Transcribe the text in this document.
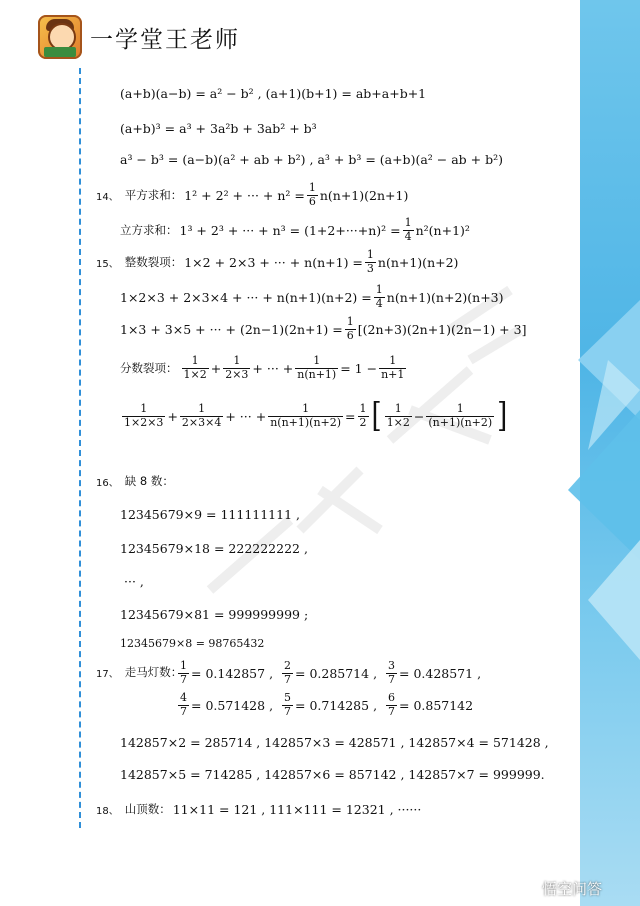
一学堂王老师
(a+b)(a−b) = a² − b² , (a+1)(b+1) = ab+a+b+1
(a+b)³ = a³ + 3a²b + 3ab² + b³
a³ − b³ = (a−b)(a² + ab + b²) , a³ + b³ = (a+b)(a² − ab + b²)
14、 平方求和： 1² + 2² + ··· + $n^2 = \frac{1}{6} n(n+1)(2n+1)$
立方求和： 1³ + 2³ + ··· + $n^3 = (1+2+\cdot\cdot\cdot+n)^2 = \frac{1}{4} n^2(n+1)^2$
15、 整数裂项： 1×2 + 2×3 + ··· + $n(n+1) = \frac{1}{3} n(n+1)(n+2)$
1×2×3 + 2×3×4 + ··· + $n(n+1)(n+2) = \frac{1}{4} n(n+1)(n+2)(n+3)$
1×3 + 3×5 + ··· + $(2n-1)(2n+1) = \frac{1}{6} [(2n+3)(2n+1)(2n-1) + 3]$
分数裂项： $\frac{1}{1\times 2} + \frac{1}{2\times 3}$ + ··· + $\frac{1}{n(n+1)} = 1 - \frac{1}{n+1}$
$\frac{1}{1\times 2\times 3} + \frac{1}{2\times 3\times 4}$ + ··· + $\frac{1}{n(n+1)(n+2)} = \frac{1}{2}$ [ $\frac{1}{1\times 2} - \frac{1}{(n+1)(n+2)}$ ]
16、 缺 8 数：
12345679×9 = 111111111 ,
12345679×18 = 222222222 ,
··· ,
12345679×81 = 999999999 ;
12345679×8 = 98765432
17、 走马灯数：
$\frac{1}{7} = 0.142857$ , $\frac{2}{7} = 0.285714$ , $\frac{3}{7} = 0.428571$ ,
$\frac{4}{7} = 0.571428$ , $\frac{5}{7} = 0.714285$ , $\frac{6}{7} = 0.857142$
142857×2 = 285714 , 142857×3 = 428571 , 142857×4 = 571428 ,
142857×5 = 714285 , 142857×6 = 857142 , 142857×7 = 999999.
18、 山顶数： 11×11 = 121 , 111×111 = 12321 , ······
悟空问答
